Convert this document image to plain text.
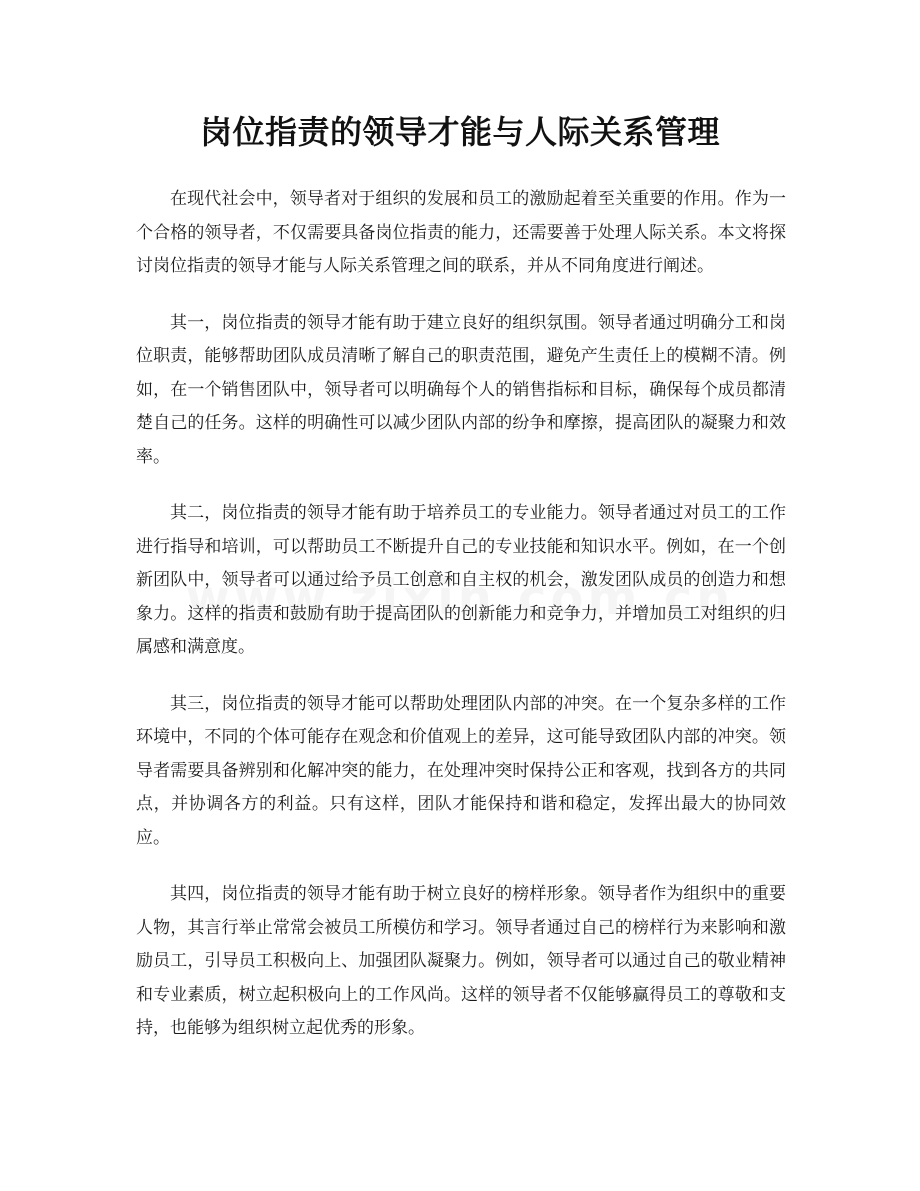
岗位指责的领导才能与人际关系管理

在现代社会中，领导者对于组织的发展和员工的激励起着至关重要的作用。作为一个合格的领导者，不仅需要具备岗位指责的能力，还需要善于处理人际关系。本文将探讨岗位指责的领导才能与人际关系管理之间的联系，并从不同角度进行阐述。

其一，岗位指责的领导才能有助于建立良好的组织氛围。领导者通过明确分工和岗位职责，能够帮助团队成员清晰了解自己的职责范围，避免产生责任上的模糊不清。例如，在一个销售团队中，领导者可以明确每个人的销售指标和目标，确保每个成员都清楚自己的任务。这样的明确性可以减少团队内部的纷争和摩擦，提高团队的凝聚力和效率。

其二，岗位指责的领导才能有助于培养员工的专业能力。领导者通过对员工的工作进行指导和培训，可以帮助员工不断提升自己的专业技能和知识水平。例如，在一个创新团队中，领导者可以通过给予员工创意和自主权的机会，激发团队成员的创造力和想象力。这样的指责和鼓励有助于提高团队的创新能力和竞争力，并增加员工对组织的归属感和满意度。

其三，岗位指责的领导才能可以帮助处理团队内部的冲突。在一个复杂多样的工作环境中，不同的个体可能存在观念和价值观上的差异，这可能导致团队内部的冲突。领导者需要具备辨别和化解冲突的能力，在处理冲突时保持公正和客观，找到各方的共同点，并协调各方的利益。只有这样，团队才能保持和谐和稳定，发挥出最大的协同效应。

其四，岗位指责的领导才能有助于树立良好的榜样形象。领导者作为组织中的重要人物，其言行举止常常会被员工所模仿和学习。领导者通过自己的榜样行为来影响和激励员工，引导员工积极向上、加强团队凝聚力。例如，领导者可以通过自己的敬业精神和专业素质，树立起积极向上的工作风尚。这样的领导者不仅能够赢得员工的尊敬和支持，也能够为组织树立起优秀的形象。
